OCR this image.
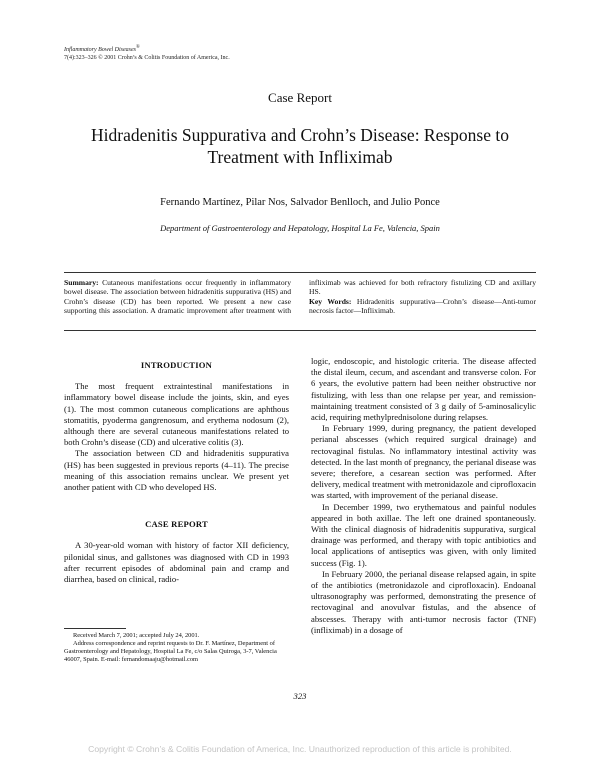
Inflammatory Bowel Diseases®
7(4):323–326 © 2001 Crohn’s & Colitis Foundation of America, Inc.
Case Report
Hidradenitis Suppurativa and Crohn’s Disease: Response to
Treatment with Infliximab
Fernando Martínez, Pilar Nos, Salvador Benlloch, and Julio Ponce
Department of Gastroenterology and Hepatology, Hospital La Fe, Valencia, Spain
Summary: Cutaneous manifestations occur frequently in inflammatory bowel disease. The association between hidradenitis suppurativa (HS) and Crohn’s disease (CD) has been reported. We present a new case supporting this association. A dramatic improvement after treatment with infliximab was achieved for both refractory fistulizing CD and axillary HS.
Key Words: Hidradenitis suppurativa—Crohn’s disease—Anti-tumor necrosis factor—Infliximab.
INTRODUCTION

The most frequent extraintestinal manifestations in inflammatory bowel disease include the joints, skin, and eyes (1). The most common cutaneous complications are aphthous stomatitis, pyoderma gangrenosum, and erythema nodosum (2), although there are several cutaneous manifestations related to both Crohn’s disease (CD) and ulcerative colitis (3).

The association between CD and hidradenitis suppurativa (HS) has been suggested in previous reports (4–11). The precise meaning of this association remains unclear. We present yet another patient with CD who developed HS.

CASE REPORT

A 30-year-old woman with history of factor XII deficiency, pilonidal sinus, and gallstones was diagnosed with CD in 1993 after recurrent episodes of abdominal pain and cramp and diarrhea, based on clinical, radio-

logic, endoscopic, and histologic criteria. The disease affected the distal ileum, cecum, and ascendant and transverse colon. For 6 years, the evolutive pattern had been neither obstructive nor fistulizing, with less than one relapse per year, and remission-maintaining treatment consisted of 3 g daily of 5-aminosalicylic acid, requiring methylprednisolone during relapses.

In February 1999, during pregnancy, the patient developed perianal abscesses (which required surgical drainage) and rectovaginal fistulas. No inflammatory intestinal activity was detected. In the last month of pregnancy, the perianal disease was severe; therefore, a cesarean section was performed. After delivery, medical treatment with metronidazole and ciprofloxacin was started, with improvement of the perianal disease.

In December 1999, two erythematous and painful nodules appeared in both axillae. The left one drained spontaneously. With the clinical diagnosis of hidradenitis suppurativa, surgical drainage was performed, and therapy with topic antibiotics and local applications of antiseptics was given, with only limited success (Fig. 1).

In February 2000, the perianal disease relapsed again, in spite of the antibiotics (metronidazole and ciprofloxacin). Endoanal ultrasonography was performed, demonstrating the presence of rectovaginal and anovulvar fistulas, and the absence of abscesses. Therapy with anti-tumor necrosis factor (TNF) (infliximab) in a dosage of

Received March 7, 2001; accepted July 24, 2001.

Address correspondence and reprint requests to Dr. F. Martínez, Department of Gastroenterology and Hepatology, Hospital La Fe, c/o Salas Quiroga, 3-7, Valencia 46007, Spain. E-mail: fernandomaaju@hotmail.com

323
Copyright © Crohn’s & Colitis Foundation of America, Inc. Unauthorized reproduction of this article is prohibited.
